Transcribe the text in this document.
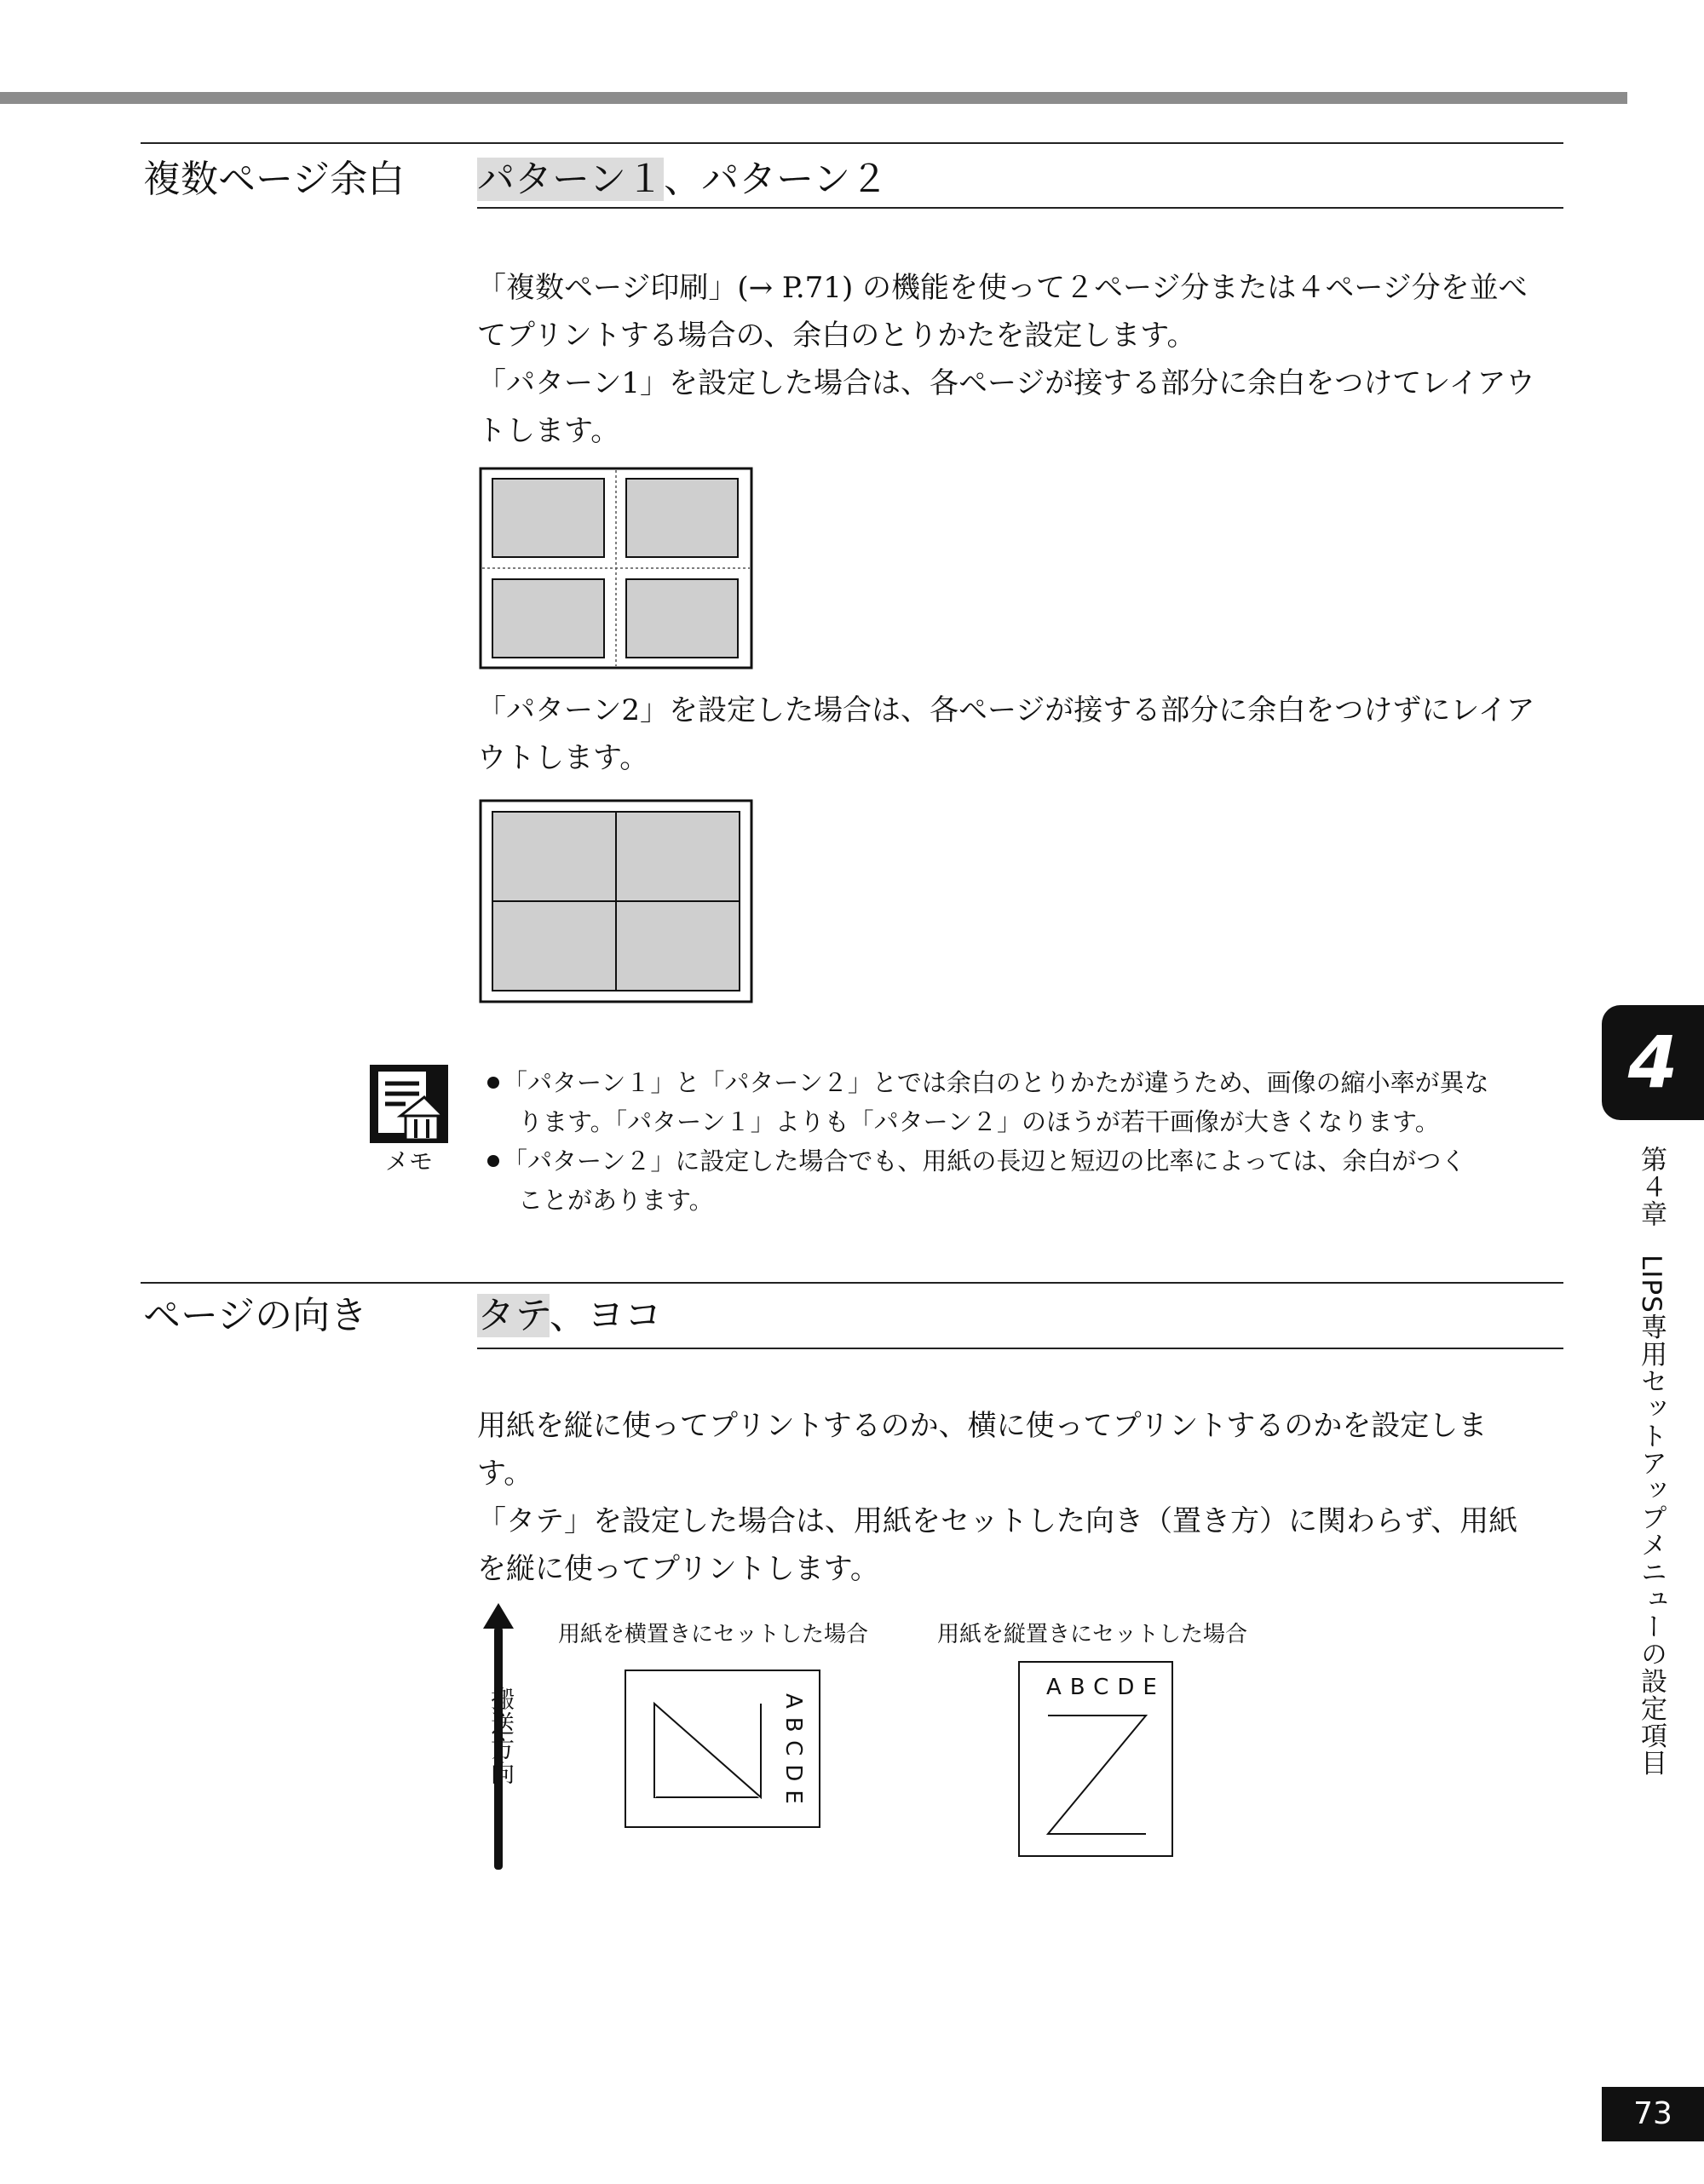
複数ページ余白 パターン１、パターン２
「複数ページ印刷」(→ P.71) の機能を使って２ページ分または４ページ分を並べ
てプリントする場合の、余白のとりかたを設定します。
「パターン1」を設定した場合は、各ページが接する部分に余白をつけてレイアウ
トします。
「パターン2」を設定した場合は、各ページが接する部分に余白をつけずにレイア
ウトします。
メモ
「パターン１」と「パターン２」とでは余白のとりかたが違うため、画像の縮小率が異な
ります。「パターン１」よりも「パターン２」のほうが若干画像が大きくなります。
「パターン２」に設定した場合でも、用紙の長辺と短辺の比率によっては、余白がつく
ことがあります。
ページの向き	タテ、ヨコ
用紙を縦に使ってプリントするのか、横に使ってプリントするのかを設定しま
す。
「タテ」を設定した場合は、用紙をセットした向き（置き方）に関わらず、用紙
を縦に使ってプリントします。
搬送方向
用紙を横置きにセットした場合	用紙を縦置きにセットした場合
ABCDE
ABCDE
4
第４章　LIPS専用セットアップメニューの設定項目
73
